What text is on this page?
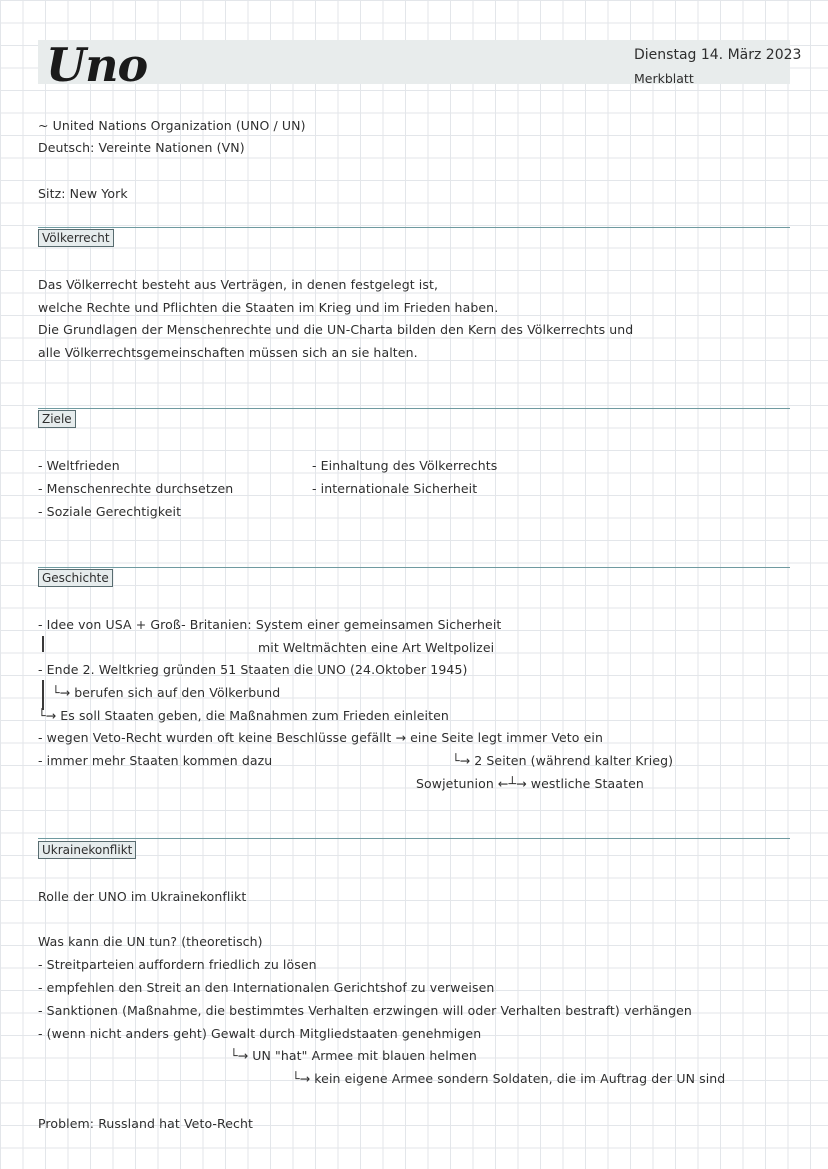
Uno	Dienstag 14. März 2023
Merkblatt

~ United Nations Organization (UNO / UN)

Deutsch: Vereinte Nationen (VN)

Sitz: New York

Völkerrecht

Das Völkerrecht besteht aus Verträgen, in denen festgelegt ist,

welche Rechte und Pflichten die Staaten im Krieg und im Frieden haben.

Die Grundlagen der Menschenrechte und die UN-Charta bilden den Kern des Völkerrechts und

alle Völkerrechtsgemeinschaften müssen sich an sie halten.

Ziele

- Weltfrieden

- Menschenrechte durchsetzen

- Soziale Gerechtigkeit

- Einhaltung des Völkerrechts

- internationale Sicherheit

Geschichte

- Idee von USA + Groß- Britanien: System einer gemeinsamen Sicherheit

mit Weltmächten eine Art Weltpolizei

- Ende 2. Weltkrieg gründen 51 Staaten die UNO (24.Oktober 1945)

└→ berufen sich auf den Völkerbund

└→ Es soll Staaten geben, die Maßnahmen zum Frieden einleiten

- wegen Veto-Recht wurden oft keine Beschlüsse gefällt → eine Seite legt immer Veto ein

└→ 2 Seiten (während kalter Krieg)

- immer mehr Staaten kommen dazu

Sowjetunion ←┴→ westliche Staaten

Ukrainekonflikt

Rolle der UNO im Ukrainekonflikt

Was kann die UN tun? (theoretisch)

- Streitparteien auffordern friedlich zu lösen

- empfehlen den Streit an den Internationalen Gerichtshof zu verweisen

- Sanktionen (Maßnahme, die bestimmtes Verhalten erzwingen will oder Verhalten bestraft) verhängen

- (wenn nicht anders geht) Gewalt durch Mitgliedstaaten genehmigen

└→ UN "hat" Armee mit blauen helmen

└→ kein eigene Armee sondern Soldaten, die im Auftrag der UN sind

Problem: Russland hat Veto-Recht
